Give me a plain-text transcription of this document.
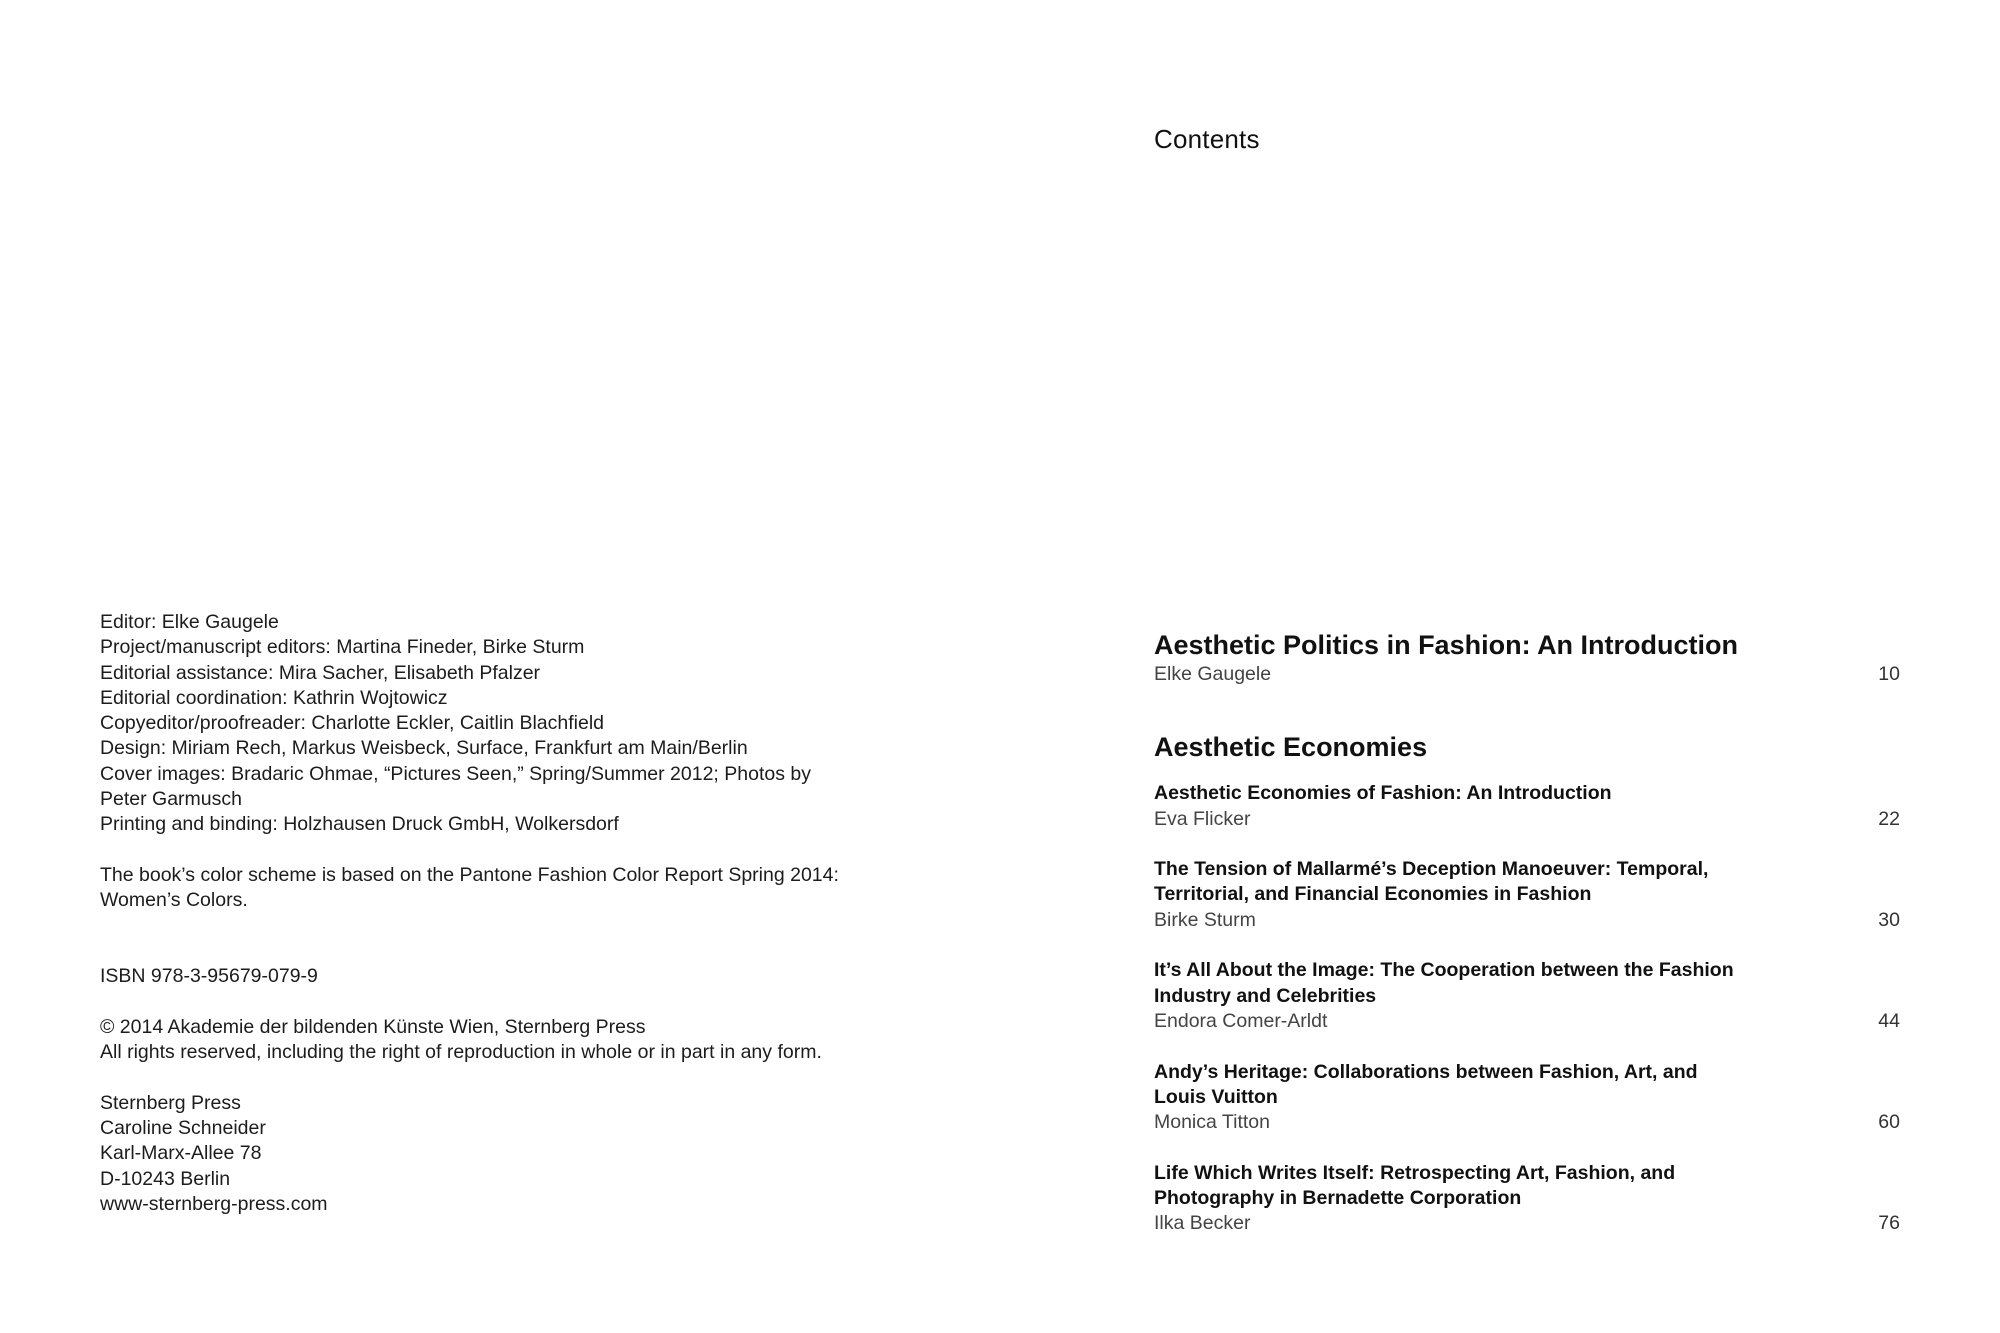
Editor: Elke Gaugele

Project/manuscript editors: Martina Fineder, Birke Sturm

Editorial assistance: Mira Sacher, Elisabeth Pfalzer

Editorial coordination: Kathrin Wojtowicz

Copyeditor/proofreader: Charlotte Eckler, Caitlin Blachfield

Design: Miriam Rech, Markus Weisbeck, Surface, Frankfurt am Main/Berlin

Cover images: Bradaric Ohmae, “Pictures Seen,” Spring/Summer 2012; Photos by Peter Garmusch

Printing and binding: Holzhausen Druck GmbH, Wolkersdorf

The book’s color scheme is based on the Pantone Fashion Color Report Spring 2014: Women’s Colors.

ISBN 978-3-95679-079-9

© 2014 Akademie der bildenden Künste Wien, Sternberg Press

All rights reserved, including the right of reproduction in whole or in part in any form.

Sternberg Press

Caroline Schneider

Karl-Marx-Allee 78

D-10243 Berlin

www-sternberg-press.com

Contents
Aesthetic Politics in Fashion: An Introduction
Elke Gaugele	10
Aesthetic Economies
Aesthetic Economies of Fashion: An Introduction
Eva Flicker	22
The Tension of Mallarmé’s Deception Manoeuver: Temporal, Territorial, and Financial Economies in Fashion
Birke Sturm	30
It’s All About the Image: The Cooperation between the Fashion Industry and Celebrities
Endora Comer-Arldt	44
Andy’s Heritage: Collaborations between Fashion, Art, and Louis Vuitton
Monica Titton	60
Life Which Writes Itself: Retrospecting Art, Fashion, and Photography in Bernadette Corporation
Ilka Becker	76
